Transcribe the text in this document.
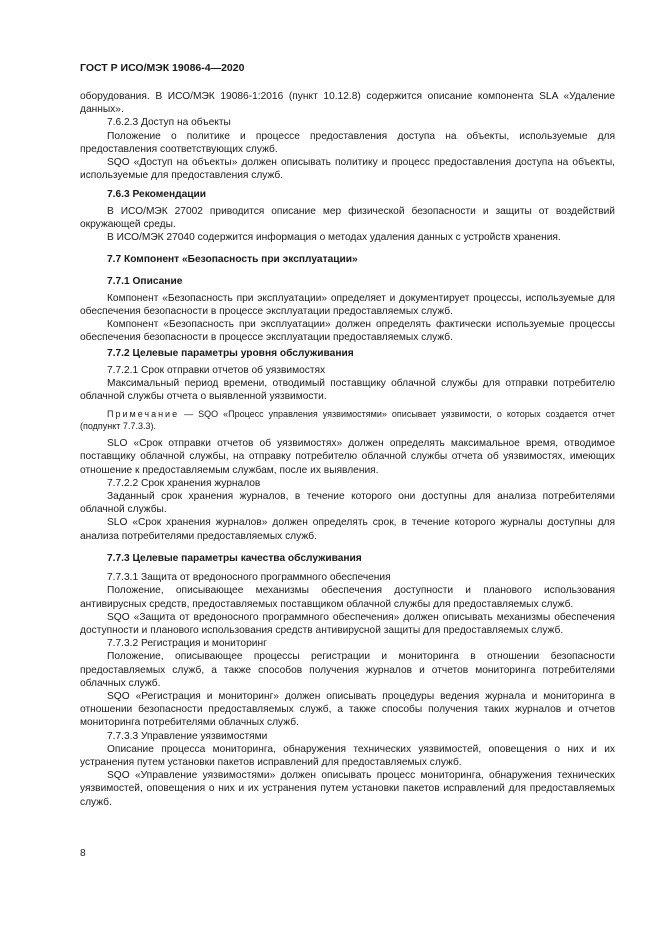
ГОСТ Р ИСО/МЭК 19086-4—2020

оборудования. В ИСО/МЭК 19086-1:2016 (пункт 10.12.8) содержится описание компонента SLA «Удаление данных».

7.6.2.3 Доступ на объекты

Положение о политике и процессе предоставления доступа на объекты, используемые для предоставления соответствующих служб.

SQO «Доступ на объекты» должен описывать политику и процесс предоставления доступа на объекты, используемые для предоставления служб.

7.6.3 Рекомендации

В ИСО/МЭК 27002 приводится описание мер физической безопасности и защиты от воздействий окружающей среды.

В ИСО/МЭК 27040 содержится информация о методах удаления данных с устройств хранения.

7.7 Компонент «Безопасность при эксплуатации»

7.7.1 Описание

Компонент «Безопасность при эксплуатации» определяет и документирует процессы, используемые для обеспечения безопасности в процессе эксплуатации предоставляемых служб.

Компонент «Безопасность при эксплуатации» должен определять фактически используемые процессы обеспечения безопасности в процессе эксплуатации предоставляемых служб.

7.7.2 Целевые параметры уровня обслуживания

7.7.2.1 Срок отправки отчетов об уязвимостях

Максимальный период времени, отводимый поставщику облачной службы для отправки потребителю облачной службы отчета о выявленной уязвимости.

Примечание — SQO «Процесс управления уязвимостями» описывает уязвимости, о которых создается отчет (подпункт 7.7.3.3).

SLO «Срок отправки отчетов об уязвимостях» должен определять максимальное время, отводимое поставщику облачной службы, на отправку потребителю облачной службы отчета об уязвимостях, имеющих отношение к предоставляемым службам, после их выявления.

7.7.2.2 Срок хранения журналов

Заданный срок хранения журналов, в течение которого они доступны для анализа потребителями облачной службы.

SLO «Срок хранения журналов» должен определять срок, в течение которого журналы доступны для анализа потребителями предоставляемых служб.

7.7.3 Целевые параметры качества обслуживания

7.7.3.1 Защита от вредоносного программного обеспечения

Положение, описывающее механизмы обеспечения доступности и планового использования антивирусных средств, предоставляемых поставщиком облачной службы для предоставляемых служб.

SQO «Защита от вредоносного программного обеспечения» должен описывать механизмы обеспечения доступности и планового использования средств антивирусной защиты для предоставляемых служб.

7.7.3.2 Регистрация и мониторинг

Положение, описывающее процессы регистрации и мониторинга в отношении безопасности предоставляемых служб, а также способов получения журналов и отчетов мониторинга потребителями облачных служб.

SQO «Регистрация и мониторинг» должен описывать процедуры ведения журнала и мониторинга в отношении безопасности предоставляемых служб, а также способы получения таких журналов и отчетов мониторинга потребителями облачных служб.

7.7.3.3 Управление уязвимостями

Описание процесса мониторинга, обнаружения технических уязвимостей, оповещения о них и их устранения путем установки пакетов исправлений для предоставляемых служб.

SQO «Управление уязвимостями» должен описывать процесс мониторинга, обнаружения технических уязвимостей, оповещения о них и их устранения путем установки пакетов исправлений для предоставляемых служб.

8
